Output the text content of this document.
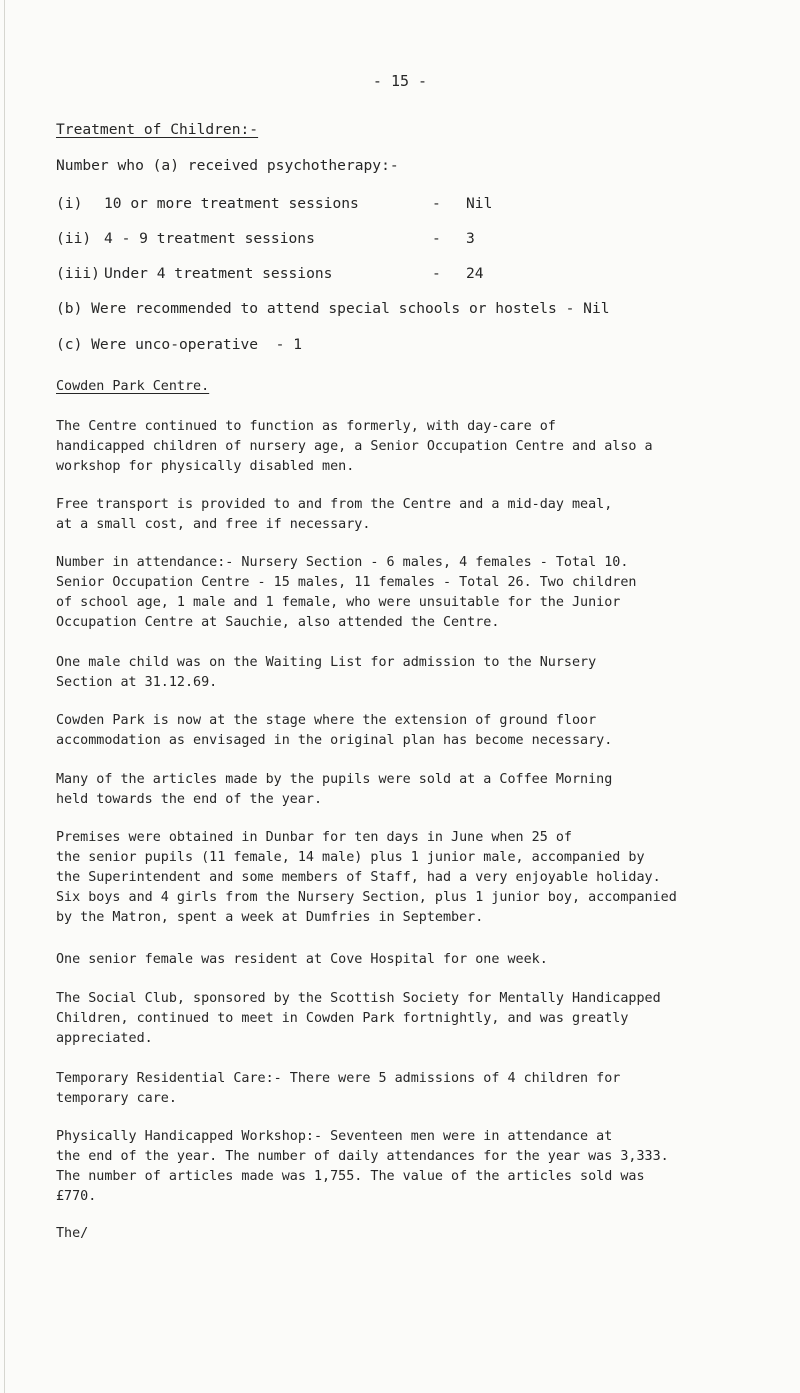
- 15 -
Treatment of Children:-
Number who (a) received psychotherapy:-
(i) 10 or more treatment sessions	- Nil
(ii) 4 - 9 treatment sessions	- 3
(iii) Under 4 treatment sessions	- 24
(b) Were recommended to attend special schools or hostels - Nil
(c) Were unco-operative  - 1
Cowden Park Centre.
The Centre continued to function as formerly, with day-care of
handicapped children of nursery age, a Senior Occupation Centre and also a
workshop for physically disabled men.
Free transport is provided to and from the Centre and a mid-day meal,
at a small cost, and free if necessary.
Number in attendance:- Nursery Section - 6 males, 4 females - Total 10.
Senior Occupation Centre - 15 males, 11 females - Total 26. Two children
of school age, 1 male and 1 female, who were unsuitable for the Junior
Occupation Centre at Sauchie, also attended the Centre.
One male child was on the Waiting List for admission to the Nursery
Section at 31.12.69.
Cowden Park is now at the stage where the extension of ground floor
accommodation as envisaged in the original plan has become necessary.
Many of the articles made by the pupils were sold at a Coffee Morning
held towards the end of the year.
Premises were obtained in Dunbar for ten days in June when 25 of
the senior pupils (11 female, 14 male) plus 1 junior male, accompanied by
the Superintendent and some members of Staff, had a very enjoyable holiday.
Six boys and 4 girls from the Nursery Section, plus 1 junior boy, accompanied
by the Matron, spent a week at Dumfries in September.
One senior female was resident at Cove Hospital for one week.
The Social Club, sponsored by the Scottish Society for Mentally Handicapped
Children, continued to meet in Cowden Park fortnightly, and was greatly
appreciated.
Temporary Residential Care:- There were 5 admissions of 4 children for
temporary care.
Physically Handicapped Workshop:- Seventeen men were in attendance at
the end of the year. The number of daily attendances for the year was 3,333.
The number of articles made was 1,755. The value of the articles sold was
£770.
The/
